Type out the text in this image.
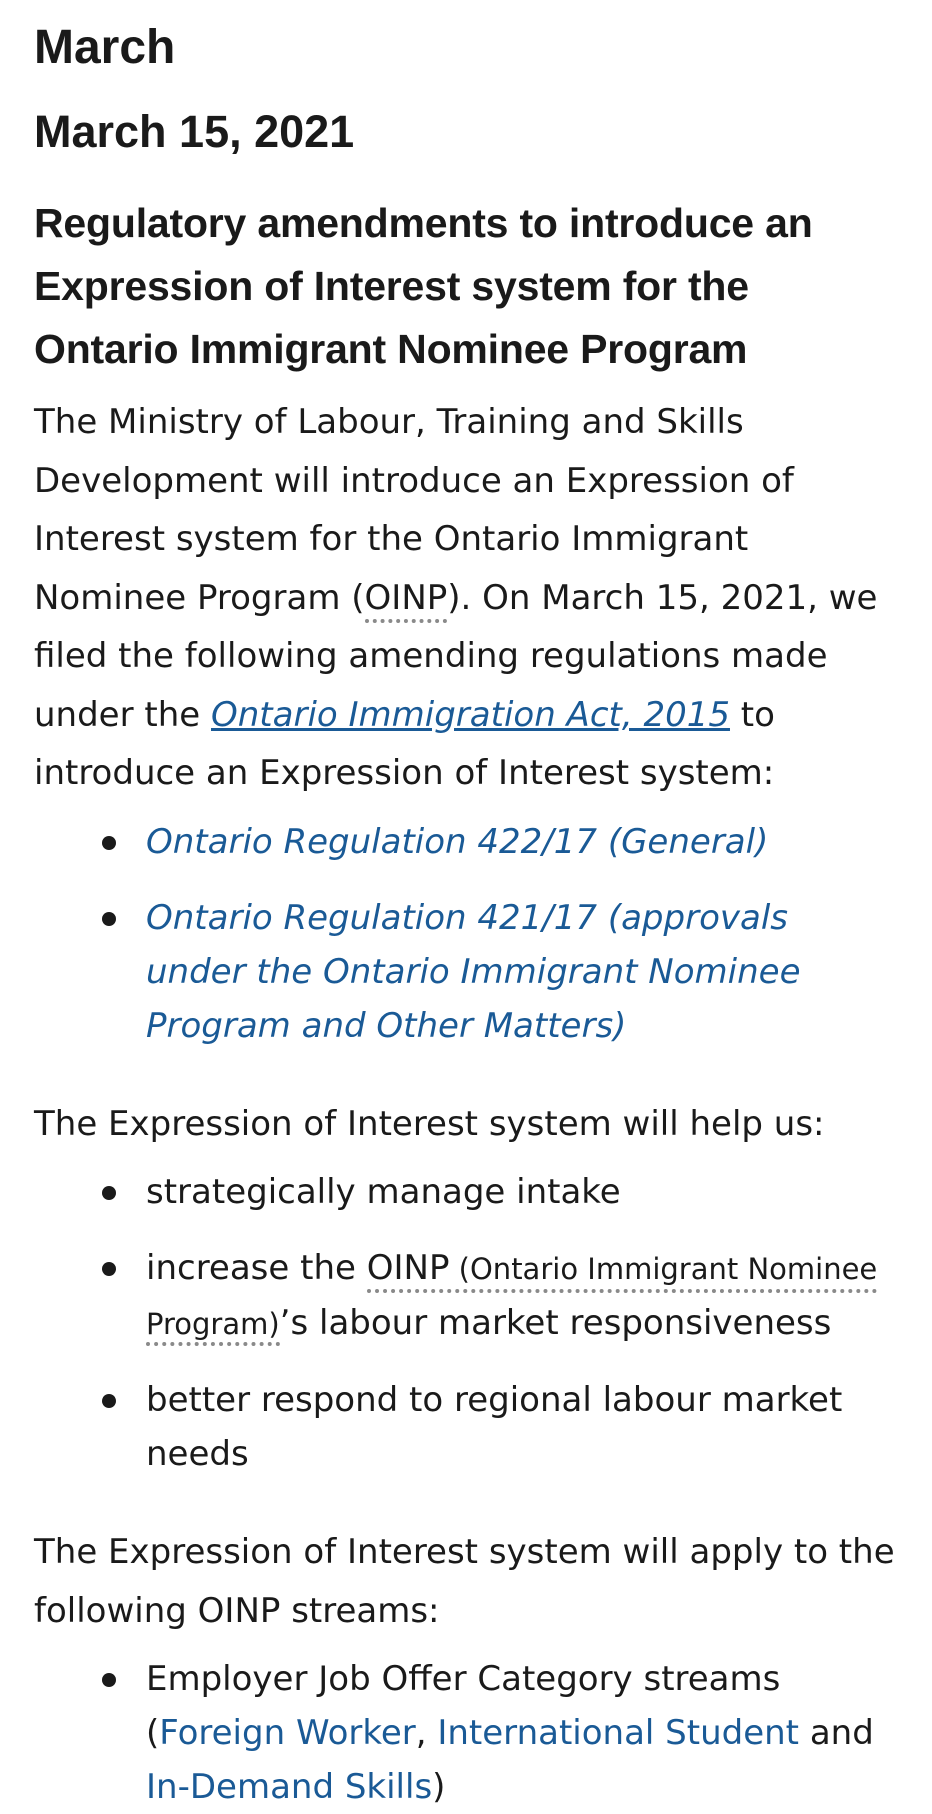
March
March 15, 2021
Regulatory amendments to introduce an Expression of Interest system for the Ontario Immigrant Nominee Program

The Ministry of Labour, Training and Skills Development will introduce an Expression of Interest system for the Ontario Immigrant Nominee Program (OINP). On March 15, 2021, we filed the following amending regulations made under the Ontario Immigration Act, 2015 to introduce an Expression of Interest system:

Ontario Regulation 422/17 (General)
Ontario Regulation 421/17 (approvals under the Ontario Immigrant Nominee Program and Other Matters)

The Expression of Interest system will help us:

strategically manage intake
increase the OINP (Ontario Immigrant Nominee
Program)’s labour market responsiveness
better respond to regional labour market needs

The Expression of Interest system will apply to the following OINP streams:

Employer Job Offer Category streams (Foreign Worker, International Student and
In-Demand Skills)
